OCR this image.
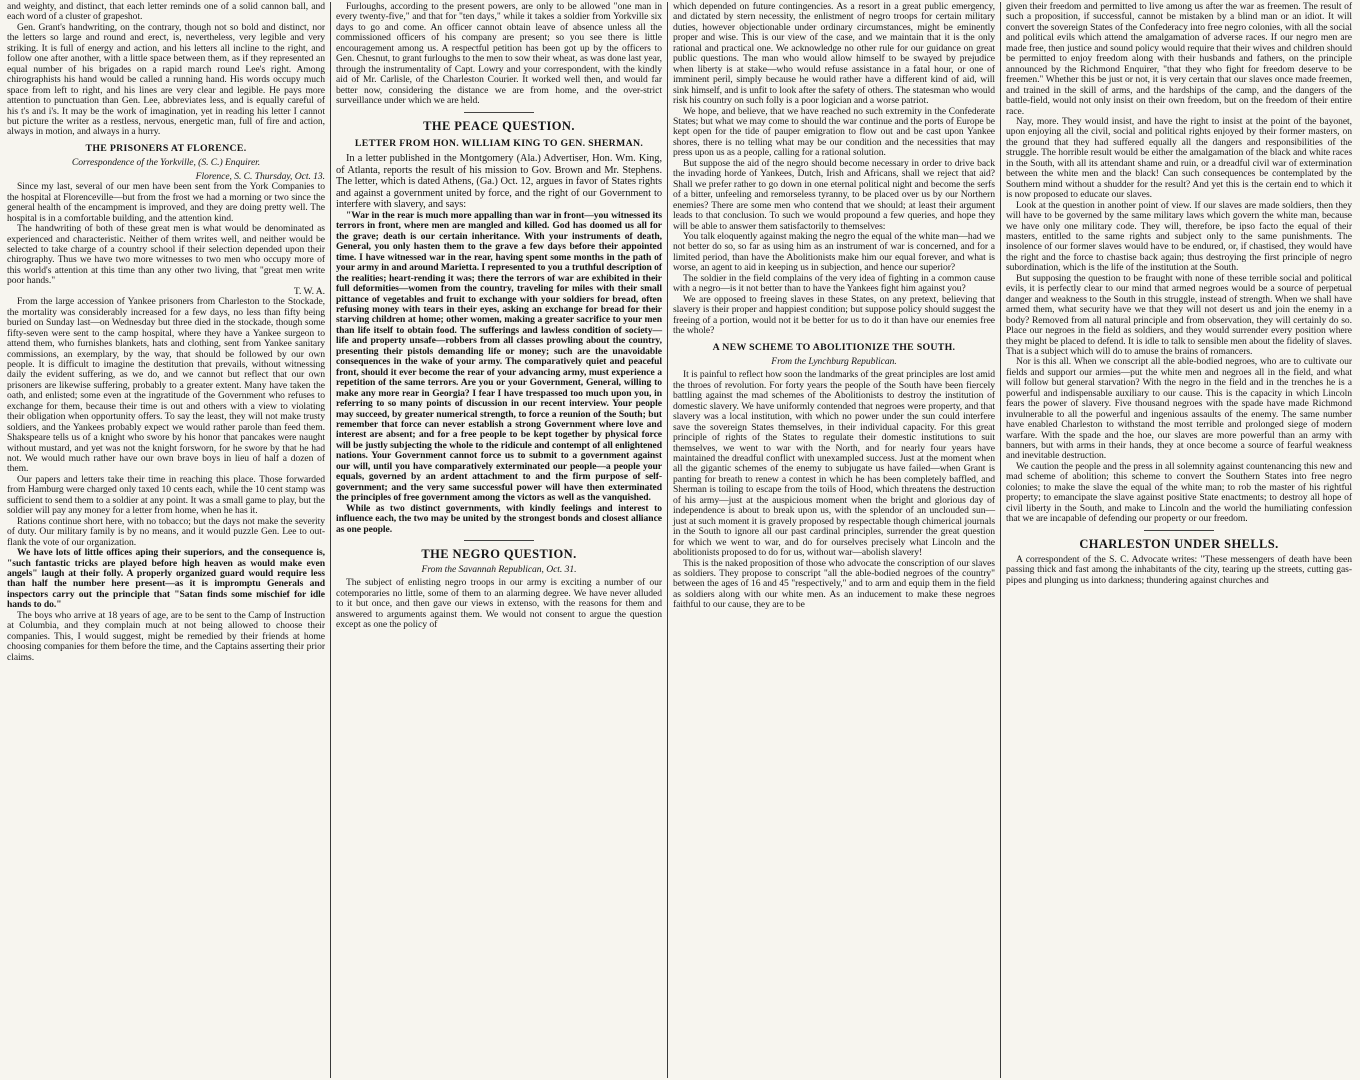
and weighty, and distinct, that each letter reminds one of a solid cannon ball, and each word of a cluster of grapeshot.

Gen. Grant's handwriting, on the contrary, though not so bold and distinct, nor the letters so large and round and erect, is, nevertheless, very legible and very striking. It is full of energy and action, and his letters all incline to the right, and follow one after another, with a little space between them, as if they represented an equal number of his brigades on a rapid march round Lee's right. Among chirographists his hand would be called a running hand. His words occupy much space from left to right, and his lines are very clear and legible. He pays more attention to punctuation than Gen. Lee, abbreviates less, and is equally careful of his t's and i's. It may be the work of imagination, yet in reading his letter I cannot but picture the writer as a restless, nervous, energetic man, full of fire and action, always in motion, and always in a hurry.

THE PRISONERS AT FLORENCE.

Correspondence of the Yorkville, (S. C.) Enquirer.

Florence, S. C. Thursday, Oct. 13.

Since my last, several of our men have been sent from the York Companies to the hospital at Florenceville—but from the frost we had a morning or two since the general health of the encampment is improved, and they are doing pretty well. The hospital is in a comfortable building, and the attention kind.

The handwriting of both of these great men is what would be denominated as experienced and characteristic. Neither of them writes well, and neither would be selected to take charge of a country school if their selection depended upon their chirography. Thus we have two more witnesses to two men who occupy more of this world's attention at this time than any other two living, that "great men write poor hands."

T. W. A.

From the large accession of Yankee prisoners from Charleston to the Stockade, the mortality was considerably increased for a few days, no less than fifty being buried on Sunday last—on Wednesday but three died in the stockade, though some fifty-seven were sent to the camp hospital, where they have a Yankee surgeon to attend them, who furnishes blankets, hats and clothing, sent from Yankee sanitary commissions, an exemplary, by the way, that should be followed by our own people. It is difficult to imagine the destitution that prevails, without witnessing daily the evident suffering, as we do, and we cannot but reflect that our own prisoners are likewise suffering, probably to a greater extent. Many have taken the oath, and enlisted; some even at the ingratitude of the Government who refuses to exchange for them, because their time is out and others with a view to violating their obligation when opportunity offers. To say the least, they will not make trusty soldiers, and the Yankees probably expect we would rather parole than feed them. Shakspeare tells us of a knight who swore by his honor that pancakes were naught without mustard, and yet was not the knight forsworn, for he swore by that he had not. We would much rather have our own brave boys in lieu of half a dozen of them.

Our papers and letters take their time in reaching this place. Those forwarded from Hamburg were charged only taxed 10 cents each, while the 10 cent stamp was sufficient to send them to a soldier at any point. It was a small game to play, but the soldier will pay any money for a letter from home, when he has it.

Rations continue short here, with no tobacco; but the days not make the severity of duty. Our military family is by no means, and it would puzzle Gen. Lee to out-flank the vote of our organization.

We have lots of little offices aping their superiors, and the consequence is, "such fantastic tricks are played before high heaven as would make even angels" laugh at their folly. A properly organized guard would require less than half the number here present—as it is impromptu Generals and inspectors carry out the principle that "Satan finds some mischief for idle hands to do."

The boys who arrive at 18 years of age, are to be sent to the Camp of Instruction at Columbia, and they complain much at not being allowed to choose their companies. This, I would suggest, might be remedied by their friends at home choosing companies for them before the time, and the Captains asserting their prior claims.

Furloughs, according to the present powers, are only to be allowed "one man in every twenty-five," and that for "ten days," while it takes a soldier from Yorkville six days to go and come. An officer cannot obtain leave of absence unless all the commissioned officers of his company are present; so you see there is little encouragement among us. A respectful petition has been got up by the officers to Gen. Chesnut, to grant furloughs to the men to sow their wheat, as was done last year, through the instrumentality of Capt. Lowry and your correspondent, with the kindly aid of Mr. Carlisle, of the Charleston Courier. It worked well then, and would far better now, considering the distance we are from home, and the over-strict surveillance under which we are held.

THE PEACE QUESTION.

LETTER FROM HON. WILLIAM KING TO GEN. SHERMAN.

In a letter published in the Montgomery (Ala.) Advertiser, Hon. Wm. King, of Atlanta, reports the result of his mission to Gov. Brown and Mr. Stephens. The letter, which is dated Athens, (Ga.) Oct. 12, argues in favor of States rights and against a government united by force, and the right of our Government to interfere with slavery, and says:

"War in the rear is much more appalling than war in front—you witnessed its terrors in front, where men are mangled and killed. God has doomed us all for the grave; death is our certain inheritance. With your instruments of death, General, you only hasten them to the grave a few days before their appointed time. I have witnessed war in the rear, having spent some months in the path of your army in and around Marietta. I represented to you a truthful description of the realities; heart-rending it was; there the terrors of war are exhibited in their full deformities—women from the country, traveling for miles with their small pittance of vegetables and fruit to exchange with your soldiers for bread, often refusing money with tears in their eyes, asking an exchange for bread for their starving children at home; other women, making a greater sacrifice to your men than life itself to obtain food. The sufferings and lawless condition of society—life and property unsafe—robbers from all classes prowling about the country, presenting their pistols demanding life or money; such are the unavoidable consequences in the wake of your army. The comparatively quiet and peaceful front, should it ever become the rear of your advancing army, must experience a repetition of the same terrors. Are you or your Government, General, willing to make any more rear in Georgia? I fear I have trespassed too much upon you, in referring to so many points of discussion in our recent interview. Your people may succeed, by greater numerical strength, to force a reunion of the South; but remember that force can never establish a strong Government where love and interest are absent; and for a free people to be kept together by physical force will be justly subjecting the whole to the ridicule and contempt of all enlightened nations. Your Government cannot force us to submit to a government against our will, until you have comparatively exterminated our people—a people your equals, governed by an ardent attachment to and the firm purpose of self-government; and the very same successful power will have then exterminated the principles of free government among the victors as well as the vanquished.

While as two distinct governments, with kindly feelings and interest to influence each, the two may be united by the strongest bonds and closest alliance as one people.

THE NEGRO QUESTION.

From the Savannah Republican, Oct. 31.

The subject of enlisting negro troops in our army is exciting a number of our cotemporaries no little, some of them to an alarming degree. We have never alluded to it but once, and then gave our views in extenso, with the reasons for them and answered to arguments against them. We would not consent to argue the question except as one the policy of

which depended on future contingencies. As a resort in a great public emergency, and dictated by stern necessity, the enlistment of negro troops for certain military duties, however objectionable under ordinary circumstances, might be eminently proper and wise. This is our view of the case, and we maintain that it is the only rational and practical one. We acknowledge no other rule for our guidance on great public questions. The man who would allow himself to be swayed by prejudice when liberty is at stake—who would refuse assistance in a fatal hour, or one of imminent peril, simply because he would rather have a different kind of aid, will sink himself, and is unfit to look after the safety of others. The statesman who would risk his country on such folly is a poor logician and a worse patriot.

We hope, and believe, that we have reached no such extremity in the Confederate States; but what we may come to should the war continue and the ports of Europe be kept open for the tide of pauper emigration to flow out and be cast upon Yankee shores, there is no telling what may be our condition and the necessities that may press upon us as a people, calling for a rational solution.

But suppose the aid of the negro should become necessary in order to drive back the invading horde of Yankees, Dutch, Irish and Africans, shall we reject that aid? Shall we prefer rather to go down in one eternal political night and become the serfs of a bitter, unfeeling and remorseless tyranny, to be placed over us by our Northern enemies? There are some men who contend that we should; at least their argument leads to that conclusion. To such we would propound a few queries, and hope they will be able to answer them satisfactorily to themselves:

You talk eloquently against making the negro the equal of the white man—had we not better do so, so far as using him as an instrument of war is concerned, and for a limited period, than have the Abolitionists make him our equal forever, and what is worse, an agent to aid in keeping us in subjection, and hence our superior?

The soldier in the field complains of the very idea of fighting in a common cause with a negro—is it not better than to have the Yankees fight him against you?

We are opposed to freeing slaves in these States, on any pretext, believing that slavery is their proper and happiest condition; but suppose policy should suggest the freeing of a portion, would not it be better for us to do it than have our enemies free the whole?

A NEW SCHEME TO ABOLITIONIZE THE SOUTH.

From the Lynchburg Republican.

It is painful to reflect how soon the landmarks of the great principles are lost amid the throes of revolution. For forty years the people of the South have been fiercely battling against the mad schemes of the Abolitionists to destroy the institution of domestic slavery. We have uniformly contended that negroes were property, and that slavery was a local institution, with which no power under the sun could interfere save the sovereign States themselves, in their individual capacity. For this great principle of rights of the States to regulate their domestic institutions to suit themselves, we went to war with the North, and for nearly four years have maintained the dreadful conflict with unexampled success. Just at the moment when all the gigantic schemes of the enemy to subjugate us have failed—when Grant is panting for breath to renew a contest in which he has been completely baffled, and Sherman is toiling to escape from the toils of Hood, which threatens the destruction of his army—just at the auspicious moment when the bright and glorious day of independence is about to break upon us, with the splendor of an unclouded sun—just at such moment it is gravely proposed by respectable though chimerical journals in the South to ignore all our past cardinal principles, surrender the great question for which we went to war, and do for ourselves precisely what Lincoln and the abolitionists proposed to do for us, without war—abolish slavery!

This is the naked proposition of those who advocate the conscription of our slaves as soldiers. They propose to conscript "all the able-bodied negroes of the country" between the ages of 16 and 45 "respectively," and to arm and equip them in the field as soldiers along with our white men. As an inducement to make these negroes faithful to our cause, they are to be

given their freedom and permitted to live among us after the war as freemen. The result of such a proposition, if successful, cannot be mistaken by a blind man or an idiot. It will convert the sovereign States of the Confederacy into free negro colonies, with all the social and political evils which attend the amalgamation of adverse races. If our negro men are made free, then justice and sound policy would require that their wives and children should be permitted to enjoy freedom along with their husbands and fathers, on the principle announced by the Richmond Enquirer, "that they who fight for freedom deserve to be freemen." Whether this be just or not, it is very certain that our slaves once made freemen, and trained in the skill of arms, and the hardships of the camp, and the dangers of the battle-field, would not only insist on their own freedom, but on the freedom of their entire race.

Nay, more. They would insist, and have the right to insist at the point of the bayonet, upon enjoying all the civil, social and political rights enjoyed by their former masters, on the ground that they had suffered equally all the dangers and responsibilities of the struggle. The horrible result would be either the amalgamation of the black and white races in the South, with all its attendant shame and ruin, or a dreadful civil war of extermination between the white men and the black! Can such consequences be contemplated by the Southern mind without a shudder for the result? And yet this is the certain end to which it is now proposed to educate our slaves.

Look at the question in another point of view. If our slaves are made soldiers, then they will have to be governed by the same military laws which govern the white man, because we have only one military code. They will, therefore, be ipso facto the equal of their masters, entitled to the same rights and subject only to the same punishments. The insolence of our former slaves would have to be endured, or, if chastised, they would have the right and the force to chastise back again; thus destroying the first principle of negro subordination, which is the life of the institution at the South.

But supposing the question to be fraught with none of these terrible social and political evils, it is perfectly clear to our mind that armed negroes would be a source of perpetual danger and weakness to the South in this struggle, instead of strength. When we shall have armed them, what security have we that they will not desert us and join the enemy in a body? Removed from all natural principle and from observation, they will certainly do so. Place our negroes in the field as soldiers, and they would surrender every position where they might be placed to defend. It is idle to talk to sensible men about the fidelity of slaves. That is a subject which will do to amuse the brains of romancers.

Nor is this all. When we conscript all the able-bodied negroes, who are to cultivate our fields and support our armies—put the white men and negroes all in the field, and what will follow but general starvation? With the negro in the field and in the trenches he is a powerful and indispensable auxiliary to our cause. This is the capacity in which Lincoln fears the power of slavery. Five thousand negroes with the spade have made Richmond invulnerable to all the powerful and ingenious assaults of the enemy. The same number have enabled Charleston to withstand the most terrible and prolonged siege of modern warfare. With the spade and the hoe, our slaves are more powerful than an army with banners, but with arms in their hands, they at once become a source of fearful weakness and inevitable destruction.

We caution the people and the press in all solemnity against countenancing this new and mad scheme of abolition; this scheme to convert the Southern States into free negro colonies; to make the slave the equal of the white man; to rob the master of his rightful property; to emancipate the slave against positive State enactments; to destroy all hope of civil liberty in the South, and make to Lincoln and the world the humiliating confession that we are incapable of defending our property or our freedom.

CHARLESTON UNDER SHELLS.

A correspondent of the S. C. Advocate writes: "These messengers of death have been passing thick and fast among the inhabitants of the city, tearing up the streets, cutting gas-pipes and plunging us into darkness; thundering against churches and
